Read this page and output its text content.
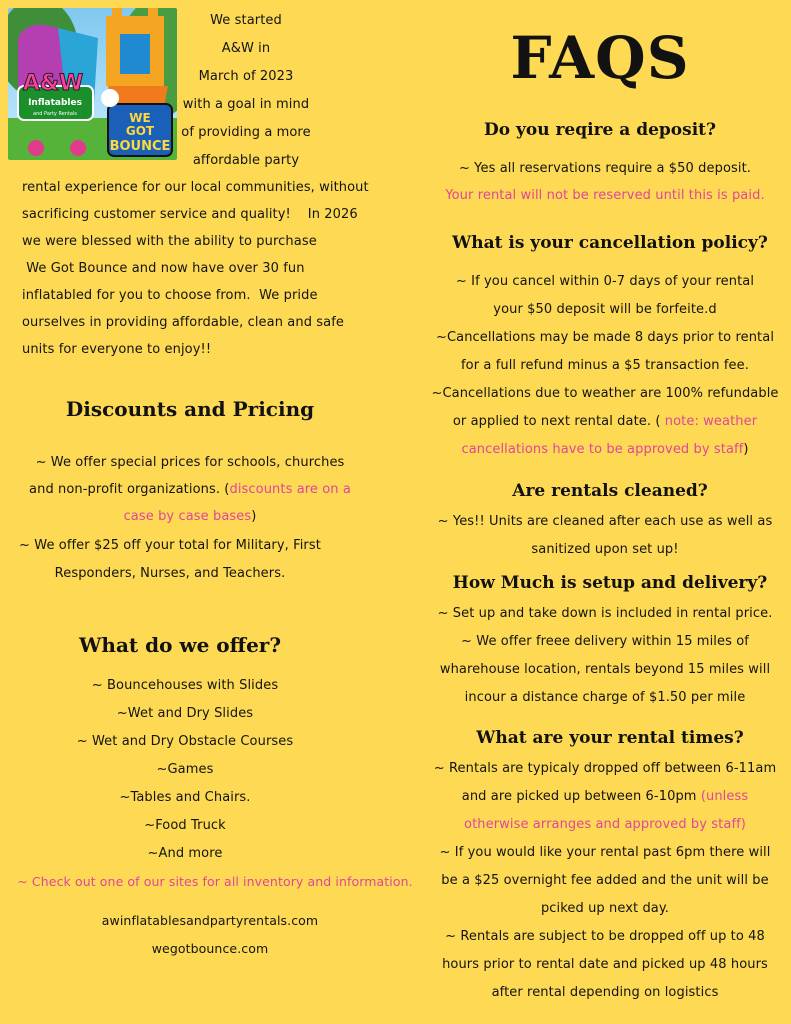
A&W
Inflatables
and Party Rentals	WE
GOT
BOUNCE
We started
A&W in
March of 2023
with a goal in mind
of providing a more
affordable party
rental experience for our local communities, without
sacrificing customer service and quality!    In 2026
we were blessed with the ability to purchase
We Got Bounce and now have over 30 fun
inflatabled for you to choose from.  We pride
ourselves in providing affordable, clean and safe
units for everyone to enjoy!!
Discounts and Pricing
~ We offer special prices for schools, churches
and non-profit organizations. (discounts are on a
case by case bases)
~ We offer $25 off your total for Military, First
Responders, Nurses, and Teachers.
What do we offer?
~ Bouncehouses with Slides
~Wet and Dry Slides
~ Wet and Dry Obstacle Courses
~Games
~Tables and Chairs.
~Food Truck
~And more
~ Check out one of our sites for all inventory and information.
awinflatablesandpartyrentals.com
wegotbounce.com
FAQS
Do you reqire a deposit?
~ Yes all reservations require a $50 deposit.
Your rental will not be reserved until this is paid.
What is your cancellation policy?
~ If you cancel within 0-7 days of your rental
your $50 deposit will be forfeite.d
~Cancellations may be made 8 days prior to rental
for a full refund minus a $5 transaction fee.
~Cancellations due to weather are 100% refundable
or applied to next rental date. ( note: weather
cancellations have to be approved by staff)
Are rentals cleaned?
~ Yes!! Units are cleaned after each use as well as
sanitized upon set up!
How Much is setup and delivery?
~ Set up and take down is included in rental price.
~ We offer freee delivery within 15 miles of
wharehouse location, rentals beyond 15 miles will
incour a distance charge of $1.50 per mile
What are your rental times?
~ Rentals are typicaly dropped off between 6-11am
and are picked up between 6-10pm (unless
otherwise arranges and approved by staff)
~ If you would like your rental past 6pm there will
be a $25 overnight fee added and the unit will be
pciked up next day.
~ Rentals are subject to be dropped off up to 48
hours prior to rental date and picked up 48 hours
after rental depending on logistics
